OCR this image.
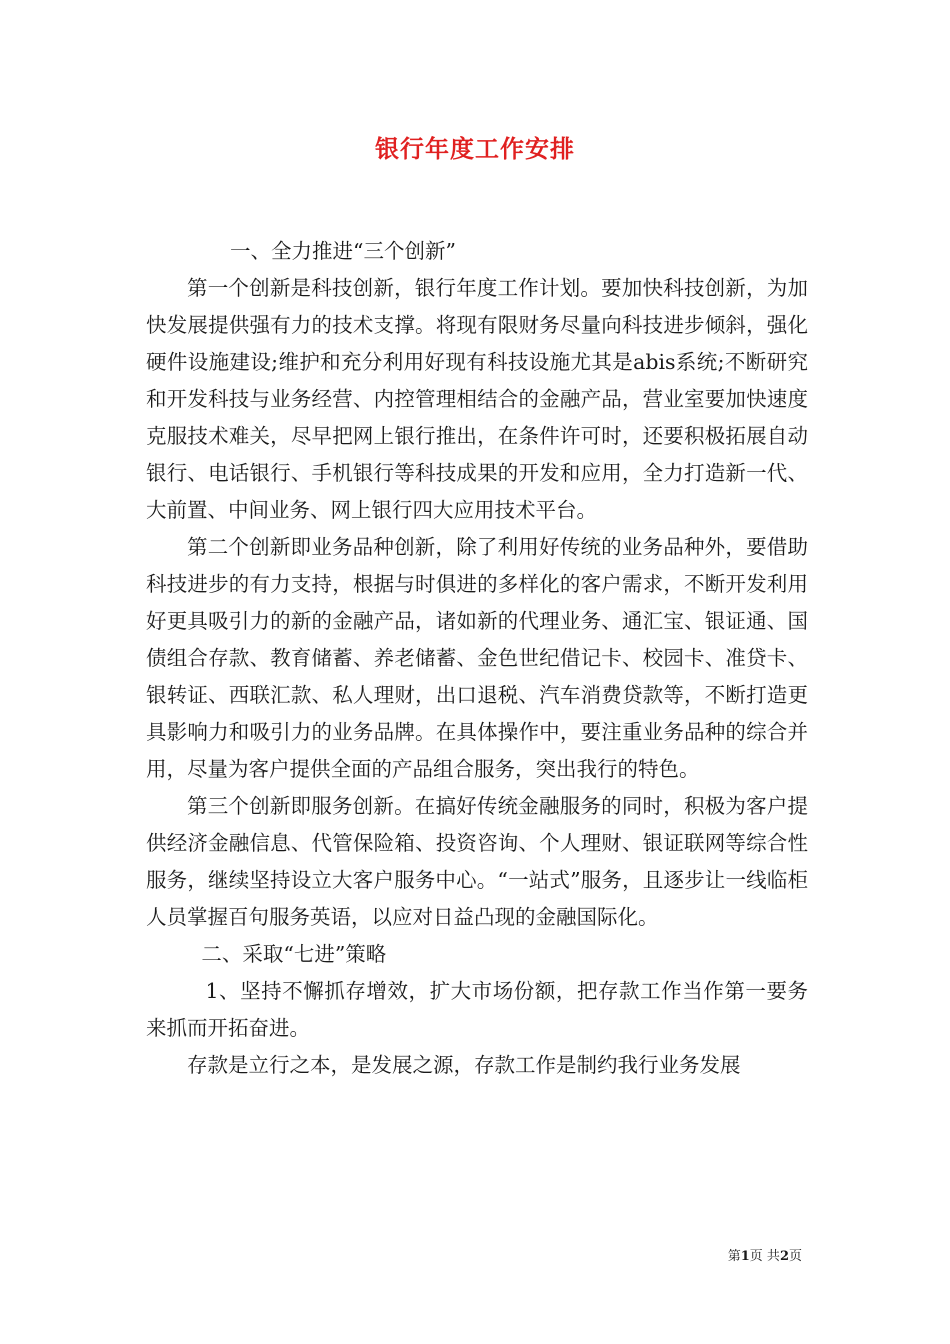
银行年度工作安排

一、全力推进“三个创新”

第一个创新是科技创新，银行年度工作计划。要加快科技创新，为加快发展提供强有力的技术支撑。将现有限财务尽量向科技进步倾斜，强化硬件设施建设;维护和充分利用好现有科技设施尤其是abis系统;不断研究和开发科技与业务经营、内控管理相结合的金融产品，营业室要加快速度克服技术难关，尽早把网上银行推出，在条件许可时，还要积极拓展自动银行、电话银行、手机银行等科技成果的开发和应用，全力打造新一代、大前置、中间业务、网上银行四大应用技术平台。

第二个创新即业务品种创新，除了利用好传统的业务品种外，要借助科技进步的有力支持，根据与时俱进的多样化的客户需求，不断开发利用好更具吸引力的新的金融产品，诸如新的代理业务、通汇宝、银证通、国债组合存款、教育储蓄、养老储蓄、金色世纪借记卡、校园卡、准贷卡、银转证、西联汇款、私人理财，出口退税、汽车消费贷款等，不断打造更具影响力和吸引力的业务品牌。在具体操作中，要注重业务品种的综合并用，尽量为客户提供全面的产品组合服务，突出我行的特色。

第三个创新即服务创新。在搞好传统金融服务的同时，积极为客户提供经济金融信息、代管保险箱、投资咨询、个人理财、银证联网等综合性服务，继续坚持设立大客户服务中心。“一站式”服务，且逐步让一线临柜人员掌握百句服务英语，以应对日益凸现的金融国际化。

二、采取“七进”策略

1、坚持不懈抓存增效，扩大市场份额，把存款工作当作第一要务来抓而开拓奋进。

存款是立行之本，是发展之源，存款工作是制约我行业务发展

第1页 共2页
